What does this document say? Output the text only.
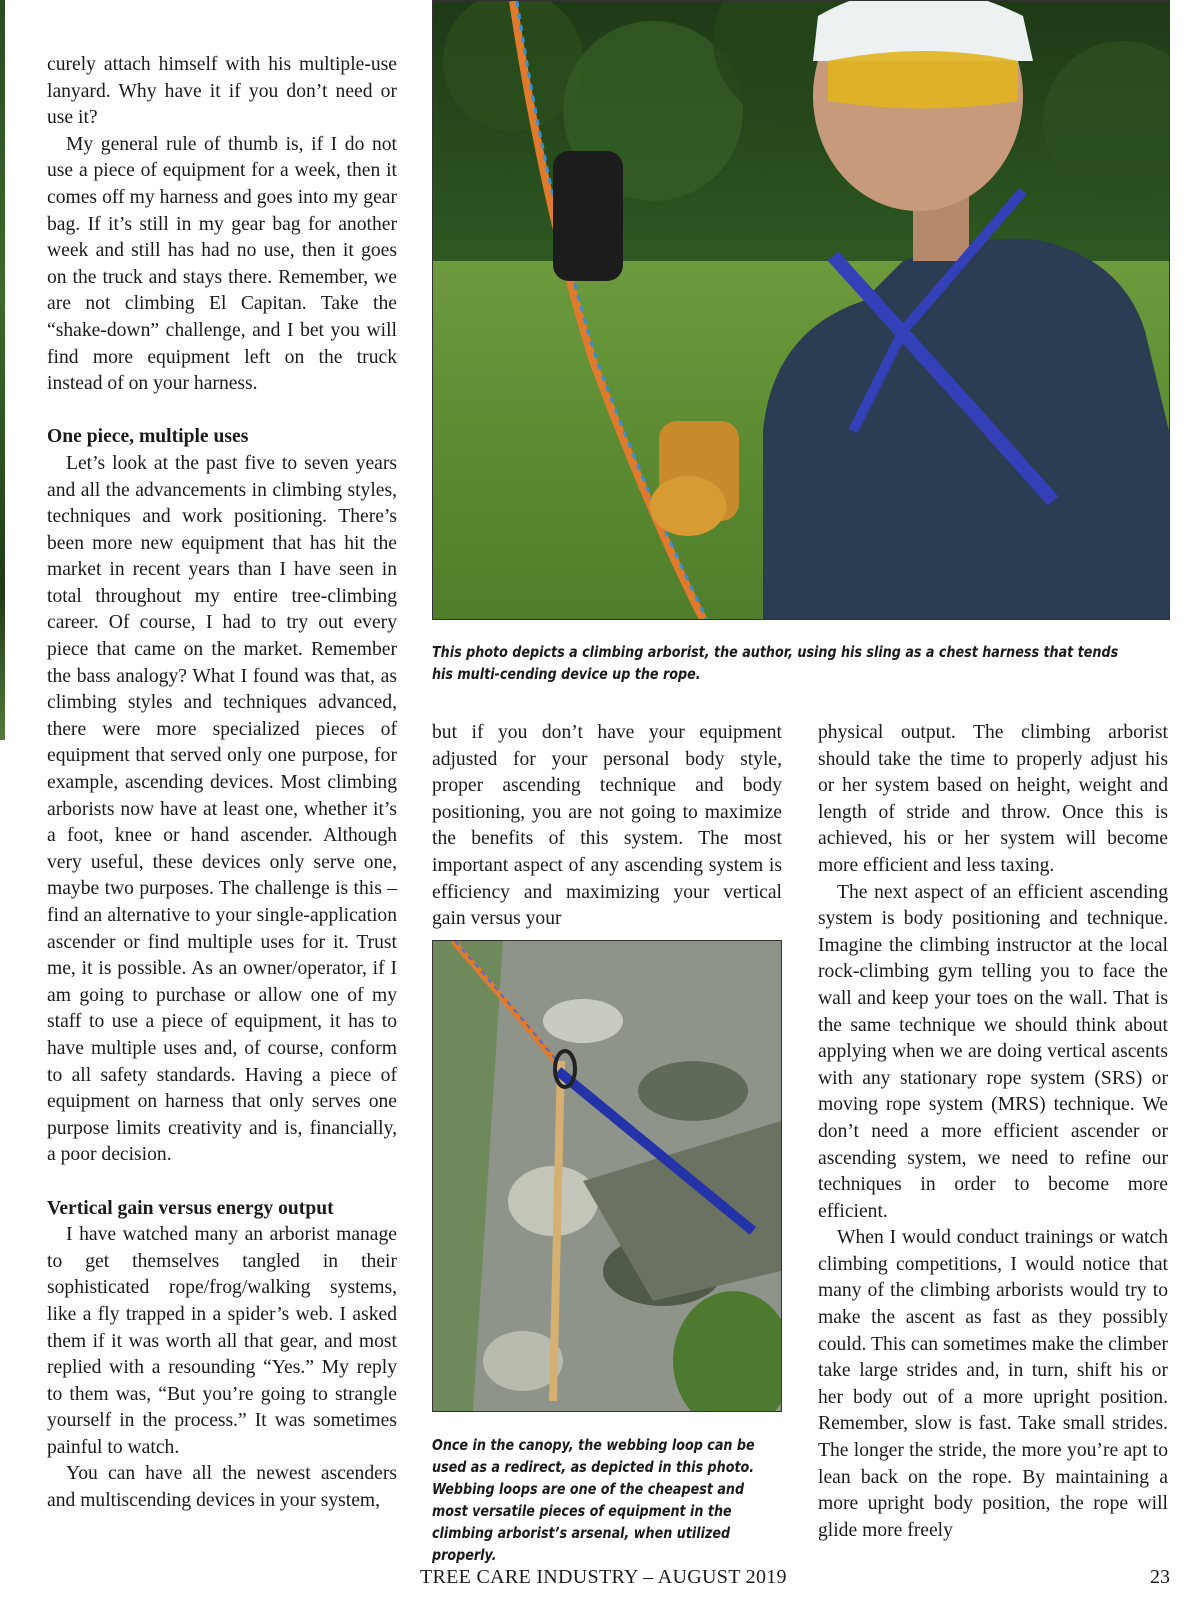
curely attach himself with his multiple-use lanyard. Why have it if you don’t need or use it?

My general rule of thumb is, if I do not use a piece of equipment for a week, then it comes off my harness and goes into my gear bag. If it’s still in my gear bag for another week and still has had no use, then it goes on the truck and stays there. Remember, we are not climbing El Capitan. Take the “shake-down” challenge, and I bet you will find more equipment left on the truck instead of on your harness.

One piece, multiple uses

Let’s look at the past five to seven years and all the advancements in climbing styles, techniques and work positioning. There’s been more new equipment that has hit the market in recent years than I have seen in total throughout my entire tree-climbing career. Of course, I had to try out every piece that came on the market. Remember the bass analogy? What I found was that, as climbing styles and techniques advanced, there were more specialized pieces of equipment that served only one purpose, for example, ascending devices. Most climbing arborists now have at least one, whether it’s a foot, knee or hand ascender. Although very useful, these devices only serve one, maybe two purposes. The challenge is this – find an alternative to your single-application ascender or find multiple uses for it. Trust me, it is possible. As an owner/operator, if I am going to purchase or allow one of my staff to use a piece of equipment, it has to have multiple uses and, of course, conform to all safety standards. Having a piece of equipment on harness that only serves one purpose limits creativity and is, financially, a poor decision.

Vertical gain versus energy output

I have watched many an arborist manage to get themselves tangled in their sophisticated rope/frog/walking systems, like a fly trapped in a spider’s web. I asked them if it was worth all that gear, and most replied with a resounding “Yes.” My reply to them was, “But you’re going to strangle yourself in the process.” It was sometimes painful to watch.

You can have all the newest ascenders and multiscending devices in your system,

This photo depicts a climbing arborist, the author, using his sling as a chest harness that tends his multi-cending device up the rope.

but if you don’t have your equipment adjusted for your personal body style, proper ascending technique and body positioning, you are not going to maximize the benefits of this system. The most important aspect of any ascending system is efficiency and maximizing your vertical gain versus your

Once in the canopy, the webbing loop can be used as a redirect, as depicted in this photo. Webbing loops are one of the cheapest and most versatile pieces of equipment in the climbing arborist’s arsenal, when utilized properly.

physical output. The climbing arborist should take the time to properly adjust his or her system based on height, weight and length of stride and throw. Once this is achieved, his or her system will become more efficient and less taxing.

The next aspect of an efficient ascending system is body positioning and technique. Imagine the climbing instructor at the local rock-climbing gym telling you to face the wall and keep your toes on the wall. That is the same technique we should think about applying when we are doing vertical ascents with any stationary rope system (SRS) or moving rope system (MRS) technique. We don’t need a more efficient ascender or ascending system, we need to refine our techniques in order to become more efficient.

When I would conduct trainings or watch climbing competitions, I would notice that many of the climbing arborists would try to make the ascent as fast as they possibly could. This can sometimes make the climber take large strides and, in turn, shift his or her body out of a more upright position. Remember, slow is fast. Take small strides. The longer the stride, the more you’re apt to lean back on the rope. By maintaining a more upright body position, the rope will glide more freely

TREE CARE INDUSTRY – AUGUST 2019	23
